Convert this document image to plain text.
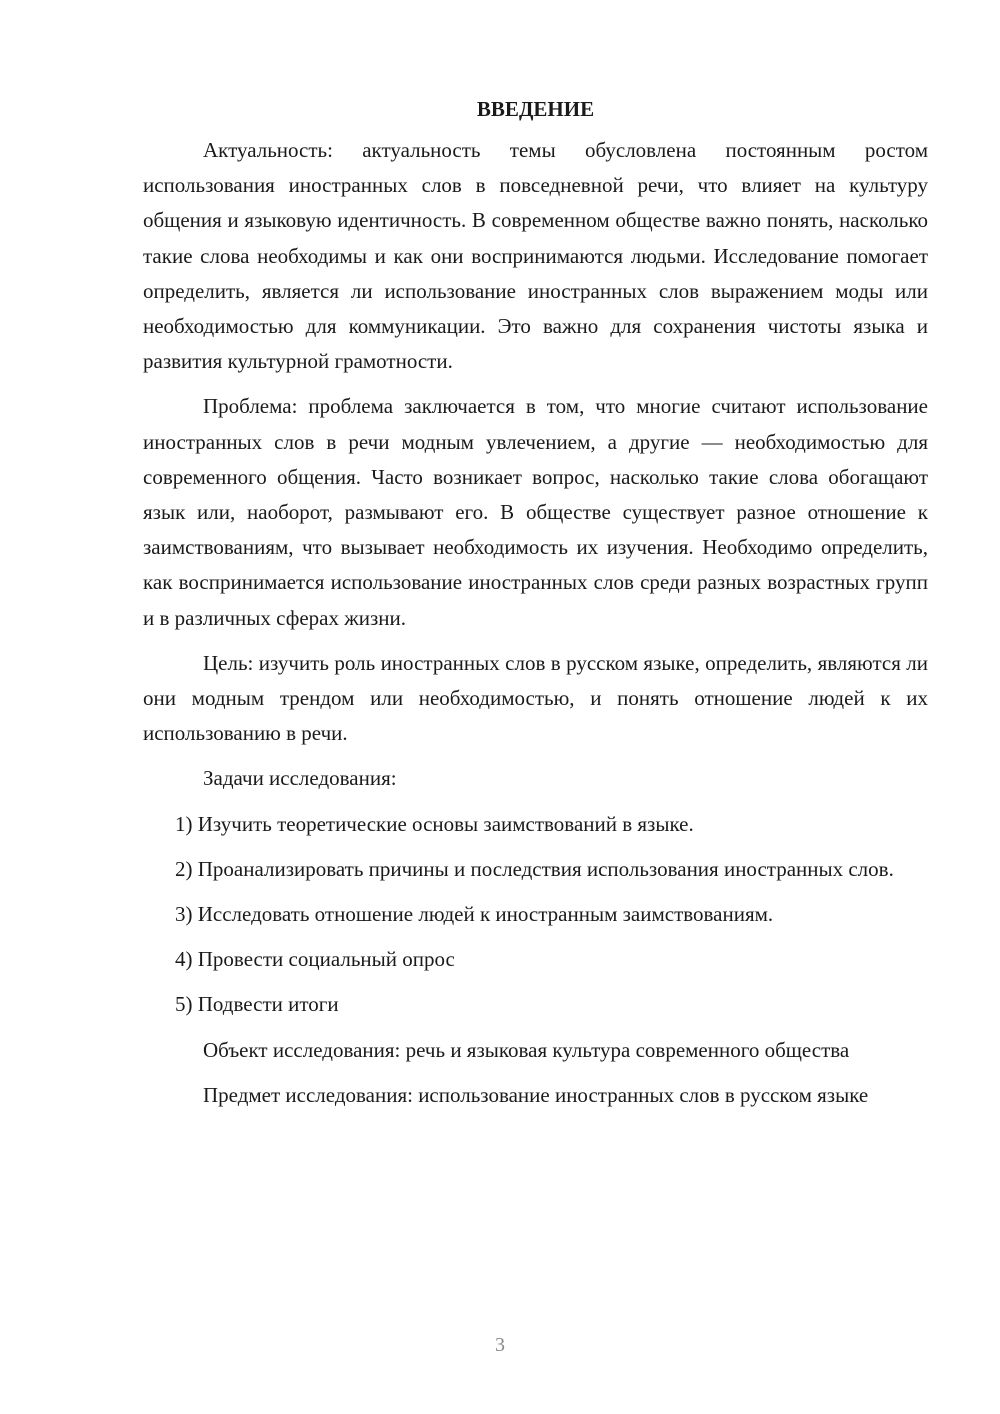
ВВЕДЕНИЕ

Актуальность: актуальность темы обусловлена постоянным ростом использования иностранных слов в повседневной речи, что влияет на культуру общения и языковую идентичность. В современном обществе важно понять, насколько такие слова необходимы и как они воспринимаются людьми. Исследование помогает определить, является ли использование иностранных слов выражением моды или необходимостью для коммуникации. Это важно для сохранения чистоты языка и развития культурной грамотности.

Проблема: проблема заключается в том, что многие считают использование иностранных слов в речи модным увлечением, а другие — необходимостью для современного общения. Часто возникает вопрос, насколько такие слова обогащают язык или, наоборот, размывают его. В обществе существует разное отношение к заимствованиям, что вызывает необходимость их изучения. Необходимо определить, как воспринимается использование иностранных слов среди разных возрастных групп и в различных сферах жизни.

Цель: изучить роль иностранных слов в русском языке, определить, являются ли они модным трендом или необходимостью, и понять отношение людей к их использованию в речи.

Задачи исследования:

1) Изучить теоретические основы заимствований в языке.

2) Проанализировать причины и последствия использования иностранных слов.

3) Исследовать отношение людей к иностранным заимствованиям.

4) Провести социальный опрос

5) Подвести итоги

Объект исследования: речь и языковая культура современного общества

Предмет исследования: использование иностранных слов в русском языке

3
